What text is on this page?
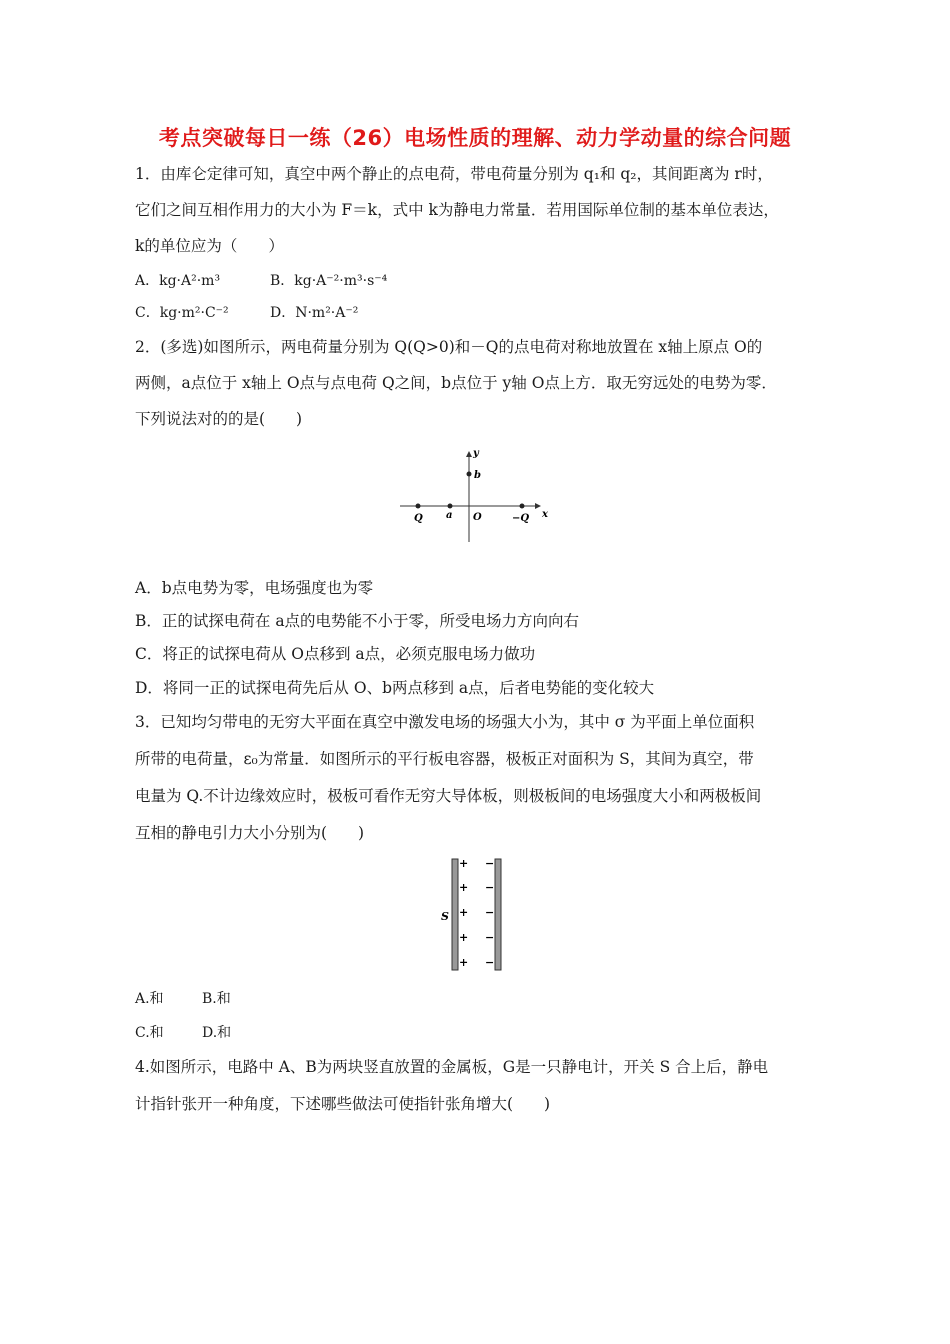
考点突破每日一练（26）电场性质的理解、动力学动量的综合问题
1．由库仑定律可知，真空中两个静止的点电荷，带电荷量分别为 q₁和 q₂，其间距离为 r时，
它们之间互相作用力的大小为 F＝k，式中 k为静电力常量．若用国际单位制的基本单位表达，
k的单位应为（　　）
A．kg·A²·m³	B．kg·A⁻²·m³·s⁻⁴
C．kg·m²·C⁻²	D．N·m²·A⁻²
2．(多选)如图所示，两电荷量分别为 Q(Q>0)和－Q的点电荷对称地放置在 x轴上原点 O的
两侧，a点位于 x轴上 O点与点电荷 Q之间，b点位于 y轴 O点上方．取无穷远处的电势为零．
下列说法对的的是(　　)
y
b
Q a O	−Q x
A．b点电势为零，电场强度也为零
B．正的试探电荷在 a点的电势能不小于零，所受电场力方向向右
C．将正的试探电荷从 O点移到 a点，必须克服电场力做功
D．将同一正的试探电荷先后从 O、b两点移到 a点，后者电势能的变化较大
3．已知均匀带电的无穷大平面在真空中激发电场的场强大小为，其中 σ 为平面上单位面积
所带的电荷量，ε₀为常量．如图所示的平行板电容器，极板正对面积为 S，其间为真空，带
电量为 Q.不计边缘效应时，极板可看作无穷大导体板，则极板间的电场强度大小和两极板间
互相的静电引力大小分别为(　　)
S
+
+
+
+
+
−
−
−
−
−
A.和	B.和
C.和	D.和
4.如图所示，电路中 A、B为两块竖直放置的金属板，G是一只静电计，开关 S 合上后，静电
计指针张开一种角度，下述哪些做法可使指针张角增大(　　)
